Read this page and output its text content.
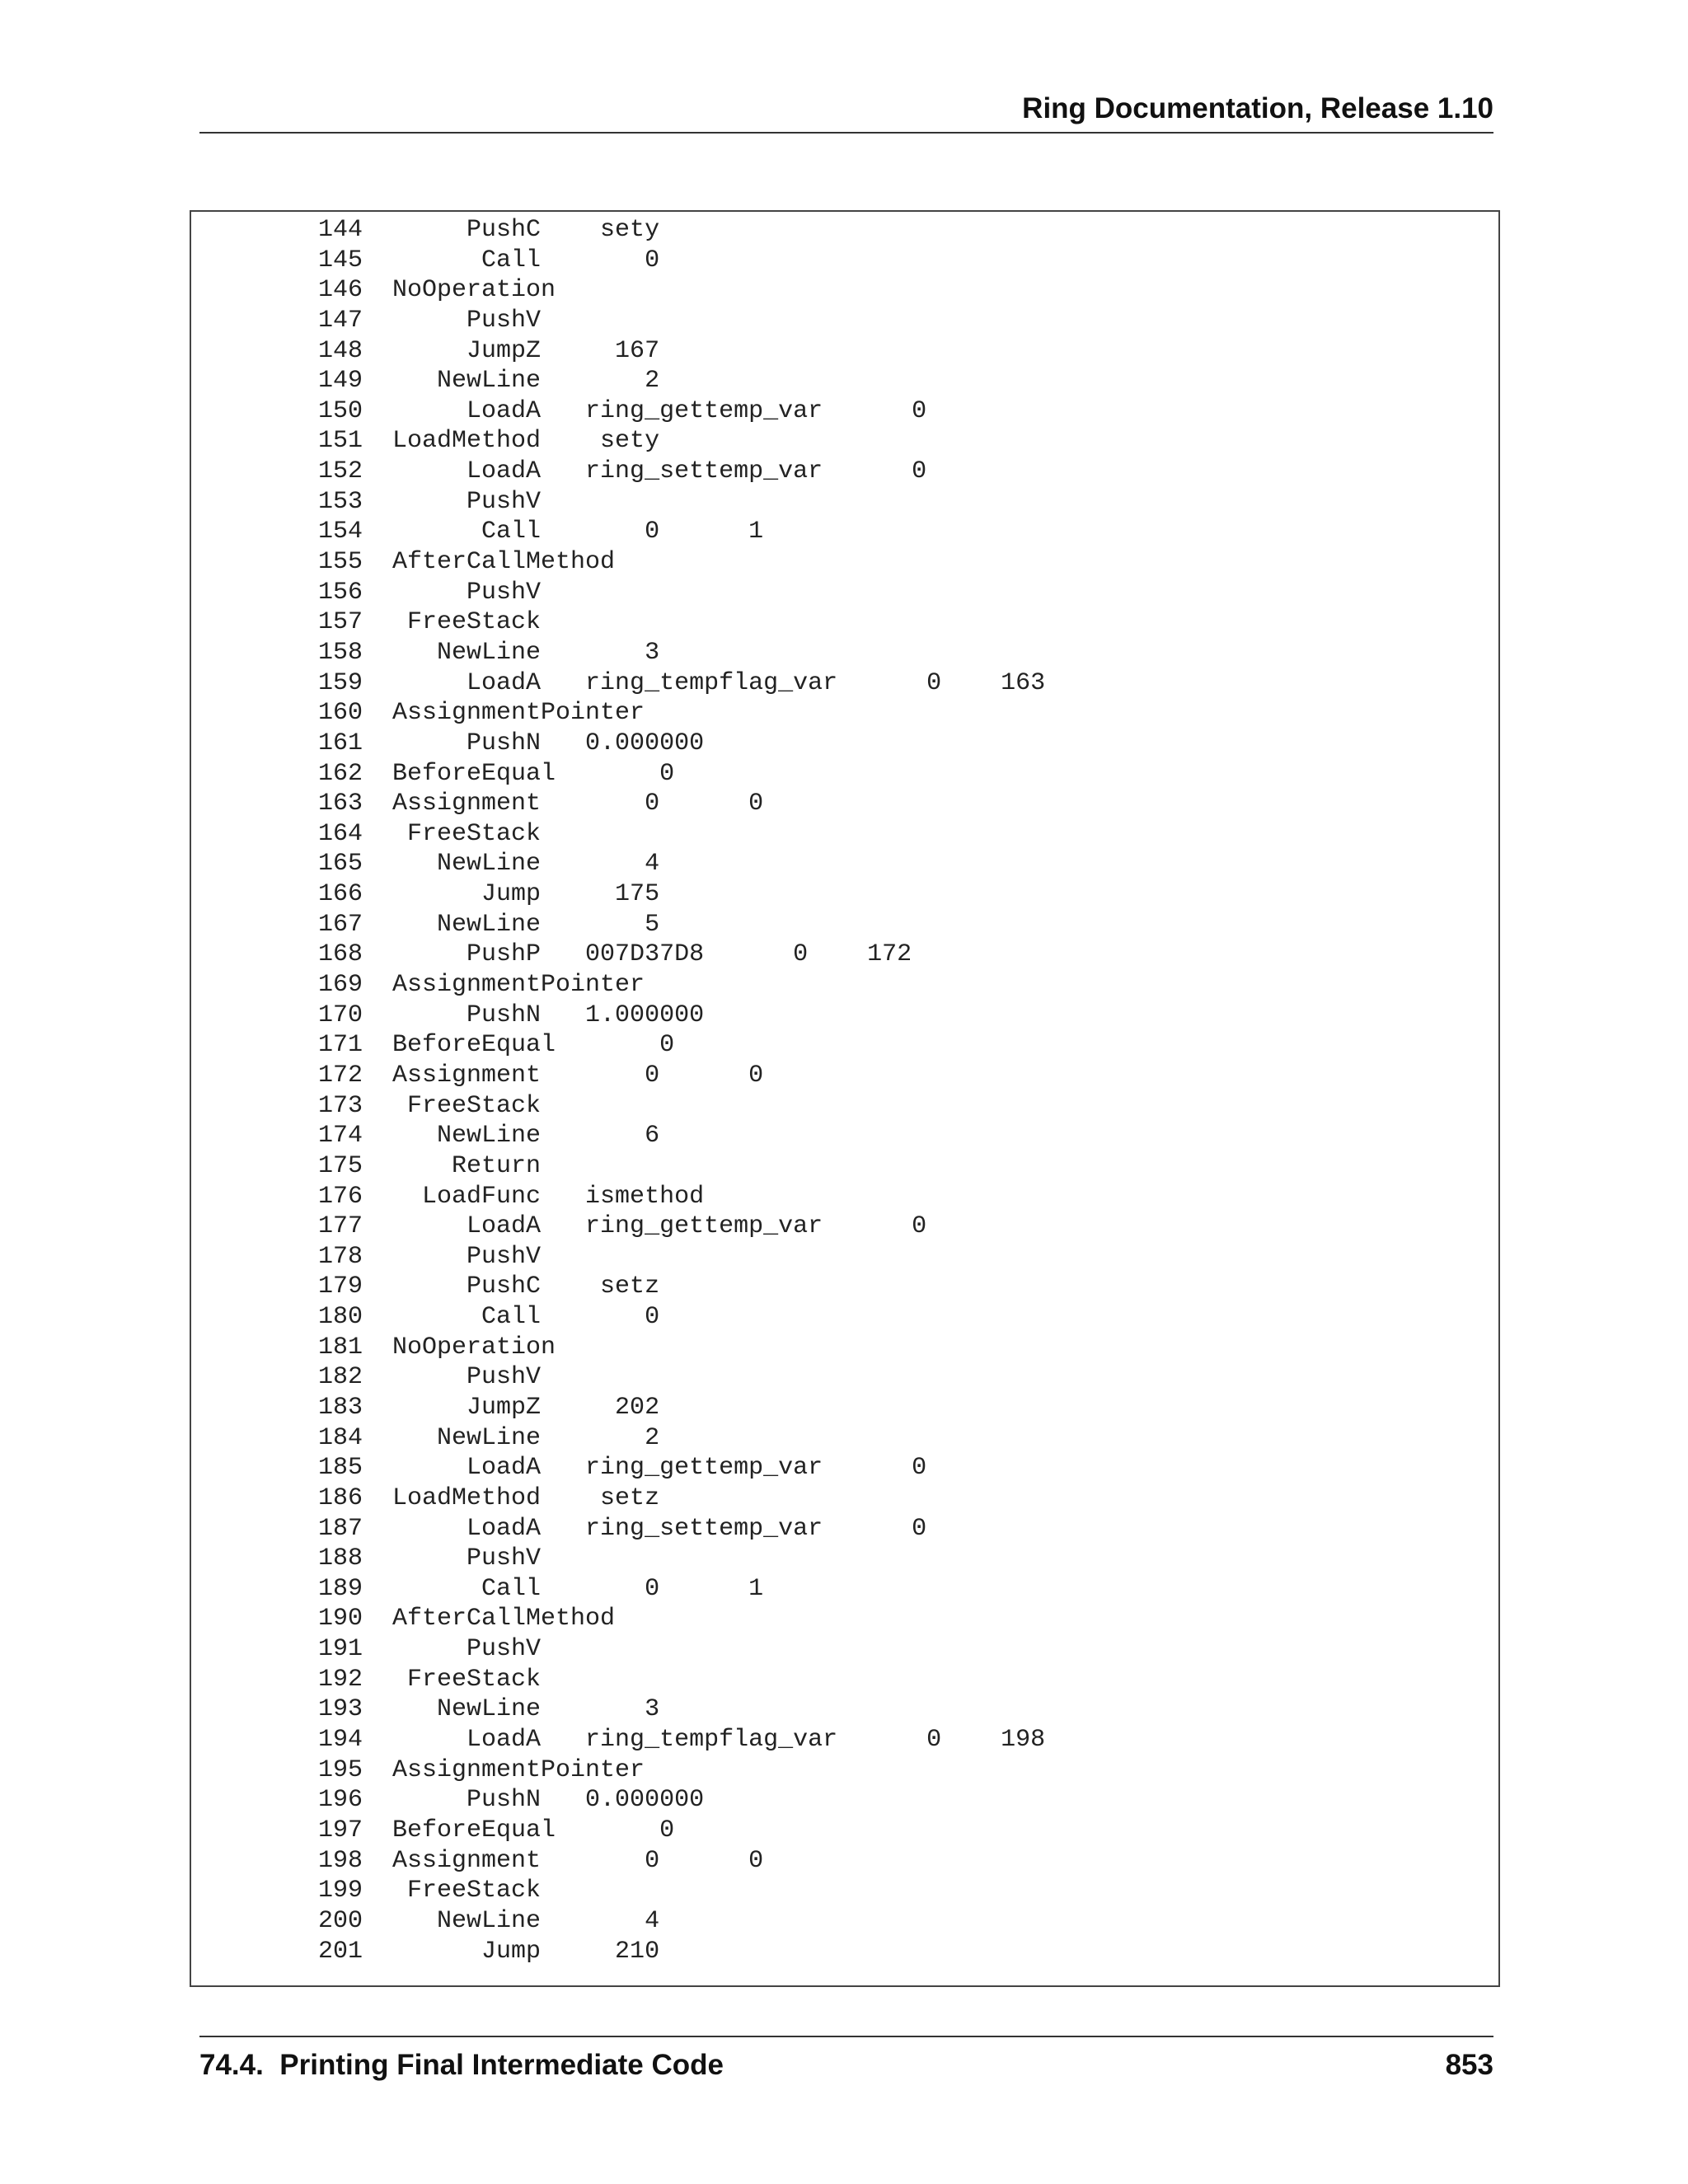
Ring Documentation, Release 1.10
144       PushC    sety
145        Call       0
146  NoOperation
147       PushV
148       JumpZ     167
149     NewLine       2
150       LoadA   ring_gettemp_var      0
151  LoadMethod    sety
152       LoadA   ring_settemp_var      0
153       PushV
154        Call       0      1
155  AfterCallMethod
156       PushV
157   FreeStack
158     NewLine       3
159       LoadA   ring_tempflag_var      0    163
160  AssignmentPointer
161       PushN   0.000000
162  BeforeEqual       0
163  Assignment       0      0
164   FreeStack
165     NewLine       4
166        Jump     175
167     NewLine       5
168       PushP   007D37D8      0    172
169  AssignmentPointer
170       PushN   1.000000
171  BeforeEqual       0
172  Assignment       0      0
173   FreeStack
174     NewLine       6
175      Return
176    LoadFunc   ismethod
177       LoadA   ring_gettemp_var      0
178       PushV
179       PushC    setz
180        Call       0
181  NoOperation
182       PushV
183       JumpZ     202
184     NewLine       2
185       LoadA   ring_gettemp_var      0
186  LoadMethod    setz
187       LoadA   ring_settemp_var      0
188       PushV
189        Call       0      1
190  AfterCallMethod
191       PushV
192   FreeStack
193     NewLine       3
194       LoadA   ring_tempflag_var      0    198
195  AssignmentPointer
196       PushN   0.000000
197  BeforeEqual       0
198  Assignment       0      0
199   FreeStack
200     NewLine       4
201        Jump     210
74.4.  Printing Final Intermediate Code	853
